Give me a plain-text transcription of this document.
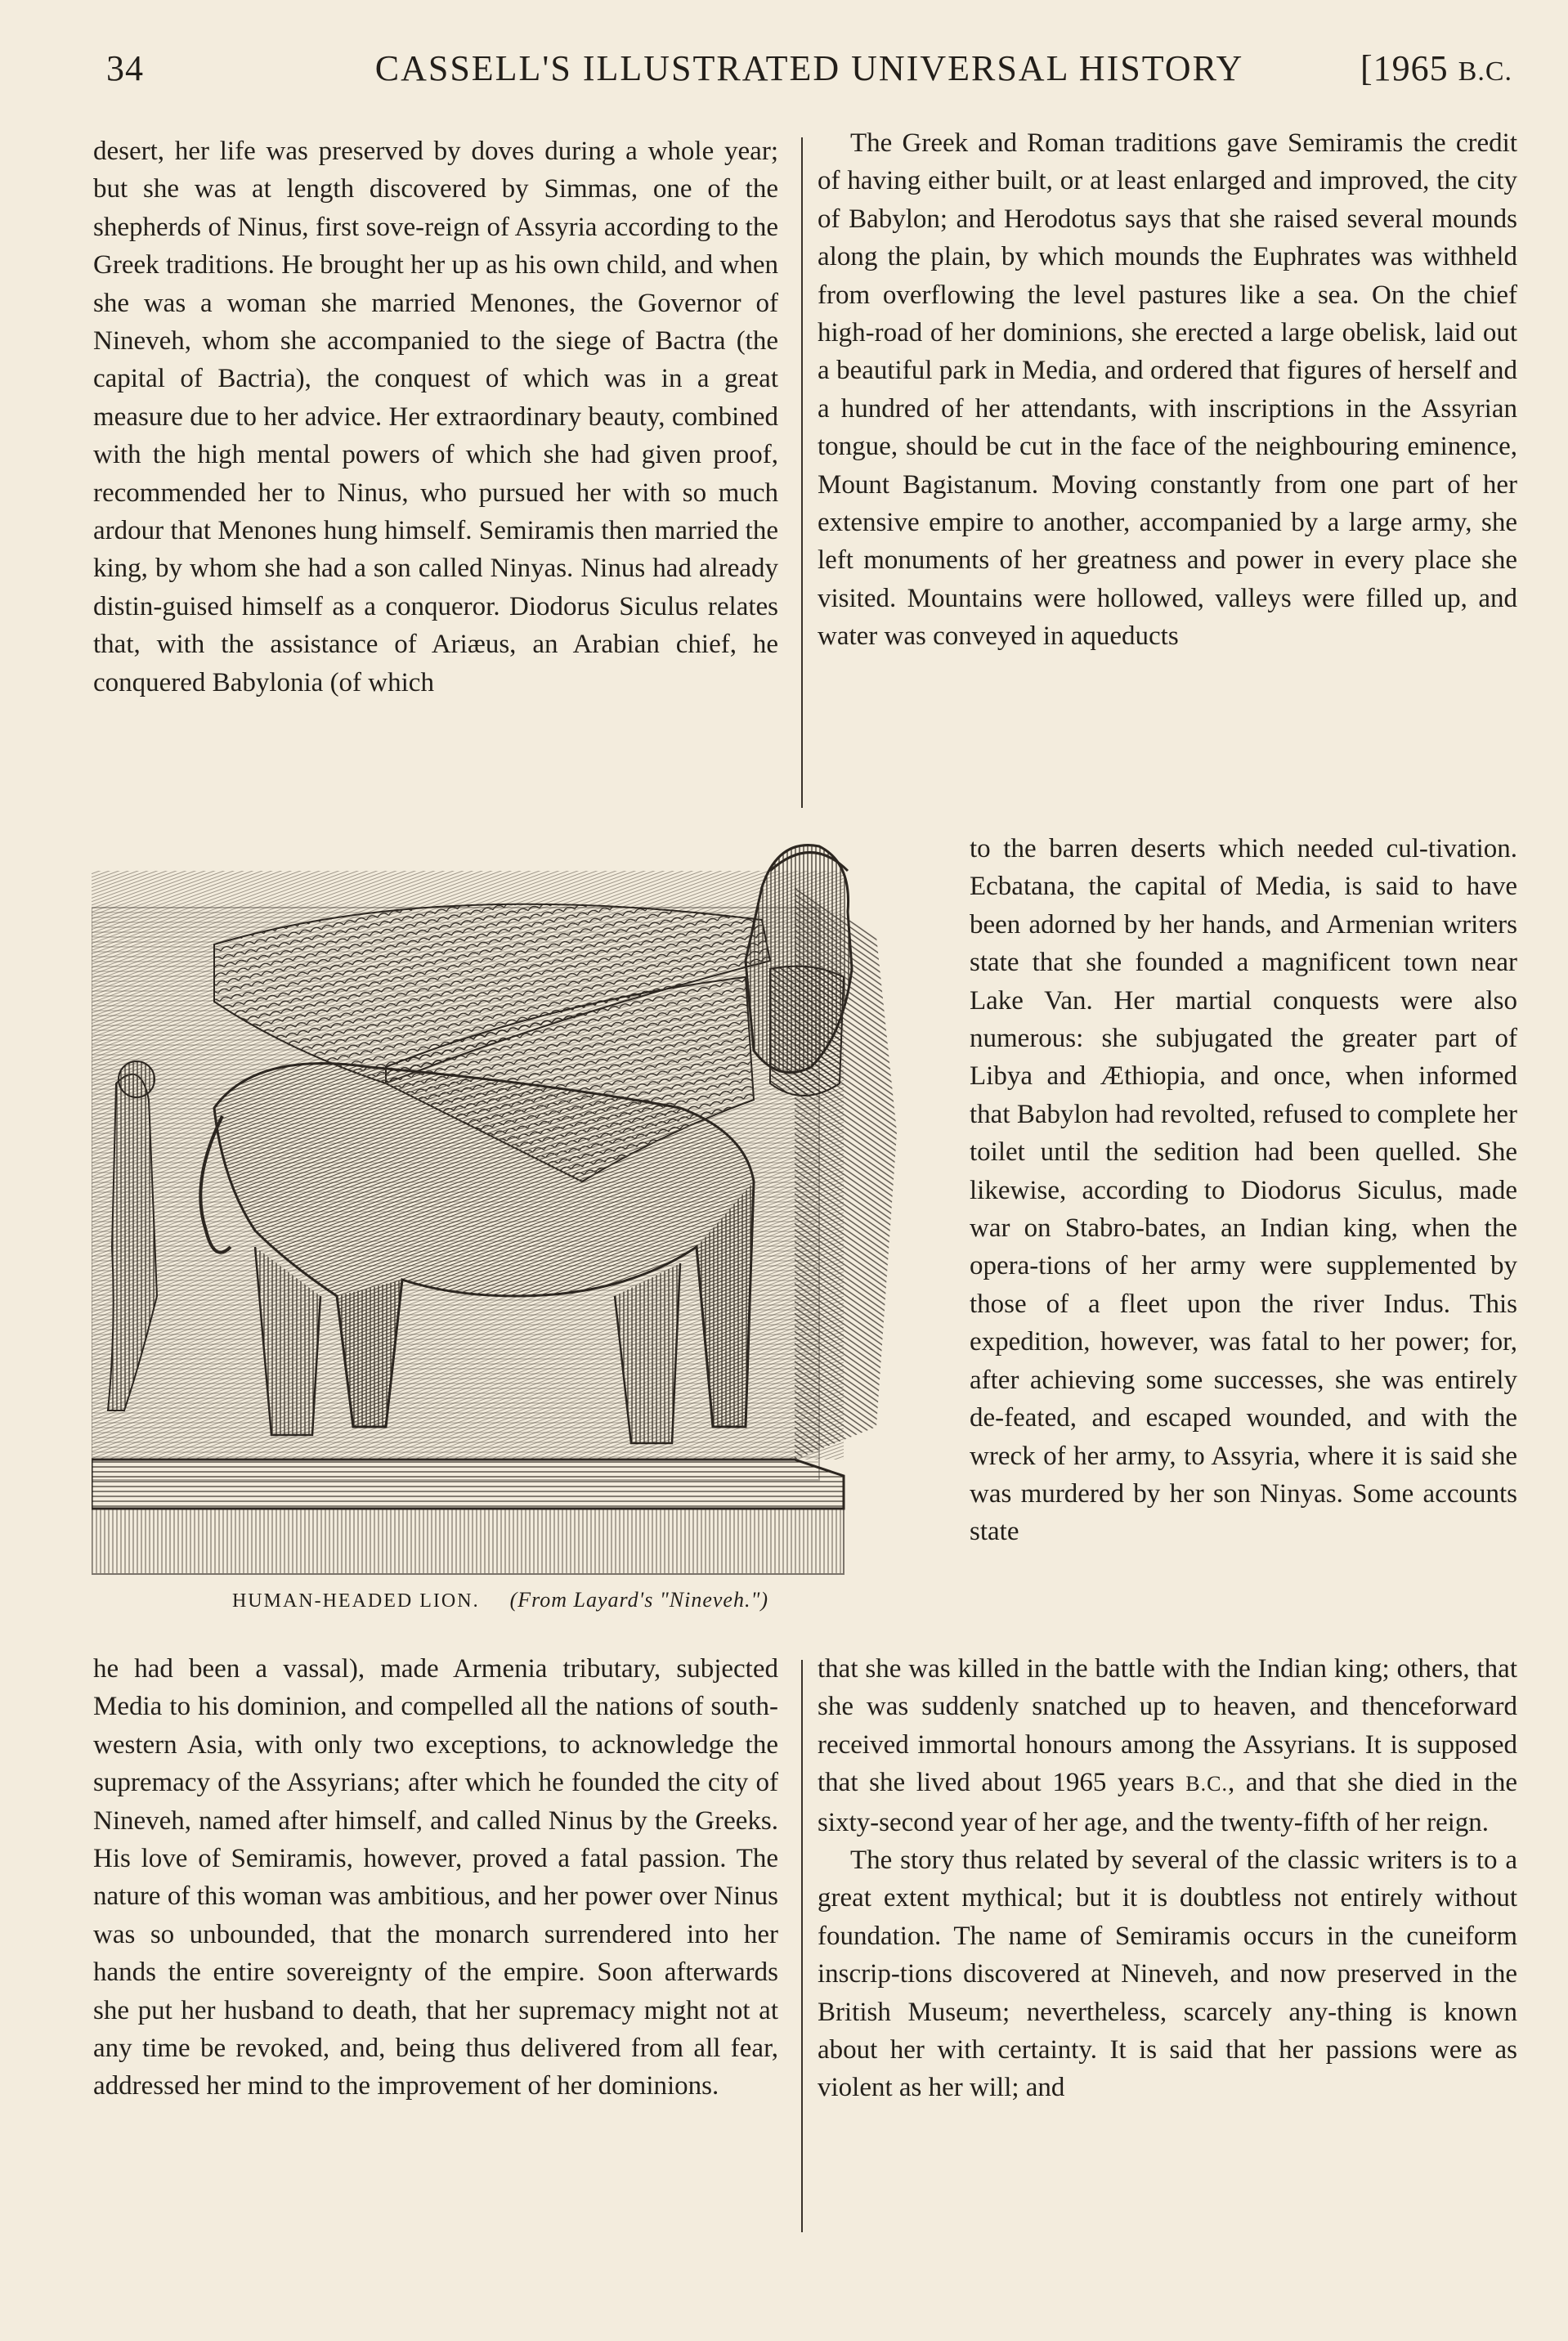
34	CASSELL'S ILLUSTRATED UNIVERSAL HISTORY	[1965 B.C.

desert, her life was preserved by doves during a whole year; but she was at length discovered by Simmas, one of the shepherds of Ninus, first sove-reign of Assyria according to the Greek traditions. He brought her up as his own child, and when she was a woman she married Menones, the Governor of Nineveh, whom she accompanied to the siege of Bactra (the capital of Bactria), the conquest of which was in a great measure due to her advice. Her extraordinary beauty, combined with the high mental powers of which she had given proof, recommended her to Ninus, who pursued her with so much ardour that Menones hung himself. Semiramis then married the king, by whom she had a son called Ninyas. Ninus had already distin-guised himself as a conqueror. Diodorus Siculus relates that, with the assistance of Ariæus, an Arabian chief, he conquered Babylonia (of which

The Greek and Roman traditions gave Semiramis the credit of having either built, or at least enlarged and improved, the city of Babylon; and Herodotus says that she raised several mounds along the plain, by which mounds the Euphrates was withheld from overflowing the level pastures like a sea. On the chief high-road of her dominions, she erected a large obelisk, laid out a beautiful park in Media, and ordered that figures of herself and a hundred of her attendants, with inscriptions in the Assyrian tongue, should be cut in the face of the neighbouring eminence, Mount Bagistanum. Moving constantly from one part of her extensive empire to another, accompanied by a large army, she left monuments of her greatness and power in every place she visited. Mountains were hollowed, valleys were filled up, and water was conveyed in aqueducts

HUMAN-HEADED LION. (From Layard's "Nineveh.")

to the barren deserts which needed cul-tivation. Ecbatana, the capital of Media, is said to have been adorned by her hands, and Armenian writers state that she founded a magnificent town near Lake Van. Her martial conquests were also numerous: she subjugated the greater part of Libya and Æthiopia, and once, when informed that Babylon had revolted, refused to complete her toilet until the sedition had been quelled. She likewise, according to Diodorus Siculus, made war on Stabro-bates, an Indian king, when the opera-tions of her army were supplemented by those of a fleet upon the river Indus. This expedition, however, was fatal to her power; for, after achieving some successes, she was entirely de-feated, and escaped wounded, and with the wreck of her army, to Assyria, where it is said she was murdered by her son Ninyas. Some accounts state

he had been a vassal), made Armenia tributary, subjected Media to his dominion, and compelled all the nations of south-western Asia, with only two exceptions, to acknowledge the supremacy of the Assyrians; after which he founded the city of Nineveh, named after himself, and called Ninus by the Greeks. His love of Semiramis, however, proved a fatal passion. The nature of this woman was ambitious, and her power over Ninus was so unbounded, that the monarch surrendered into her hands the entire sovereignty of the empire. Soon afterwards she put her husband to death, that her supremacy might not at any time be revoked, and, being thus delivered from all fear, addressed her mind to the improvement of her dominions.

that she was killed in the battle with the Indian king; others, that she was suddenly snatched up to heaven, and thenceforward received immortal honours among the Assyrians. It is supposed that she lived about 1965 years B.C., and that she died in the sixty-second year of her age, and the twenty-fifth of her reign.

The story thus related by several of the classic writers is to a great extent mythical; but it is doubtless not entirely without foundation. The name of Semiramis occurs in the cuneiform inscrip-tions discovered at Nineveh, and now preserved in the British Museum; nevertheless, scarcely any-thing is known about her with certainty. It is said that her passions were as violent as her will; and
